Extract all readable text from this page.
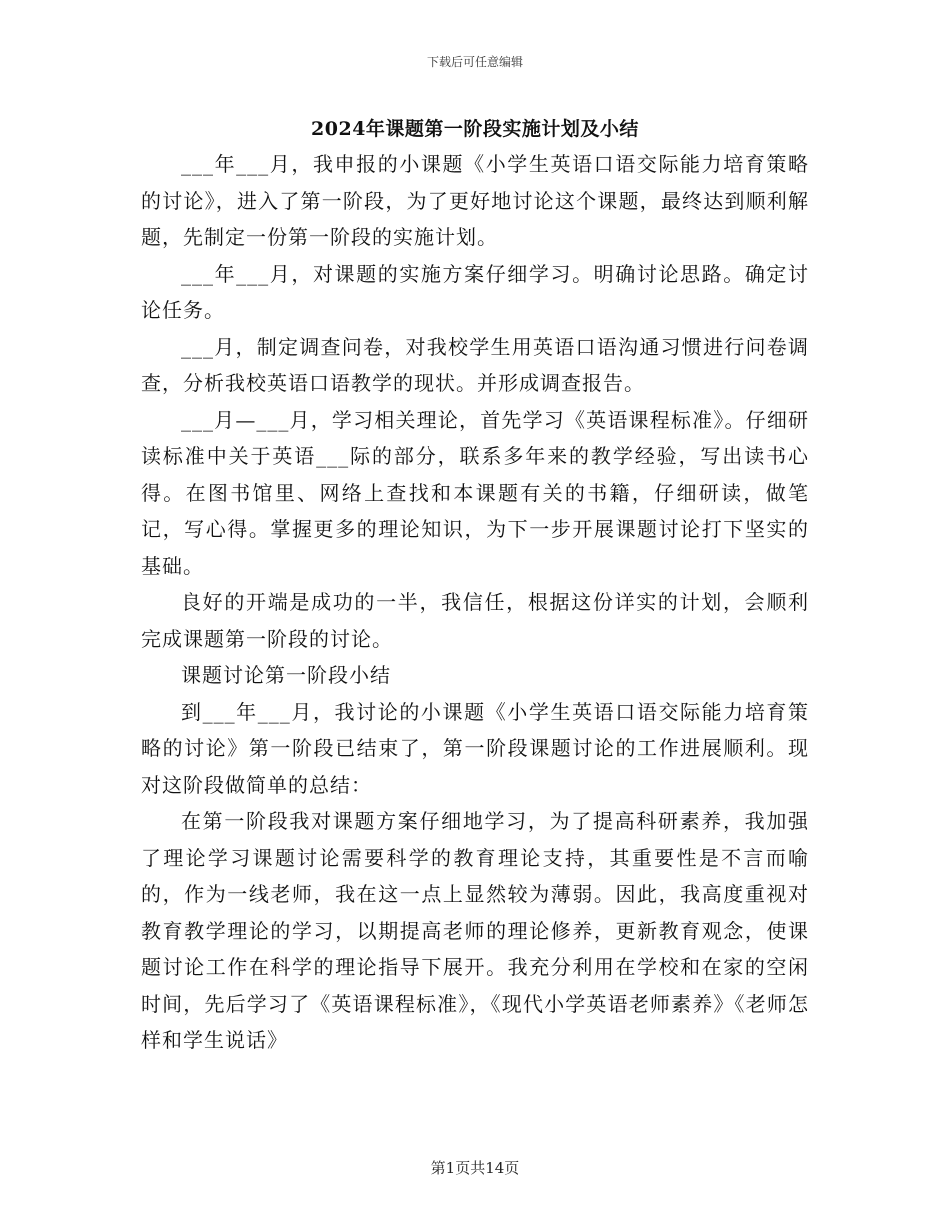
下载后可任意编辑
2024年课题第一阶段实施计划及小结

___年___月，我申报的小课题《小学生英语口语交际能力培育策略的讨论》，进入了第一阶段，为了更好地讨论这个课题，最终达到顺利解题，先制定一份第一阶段的实施计划。

___年___月，对课题的实施方案仔细学习。明确讨论思路。确定讨论任务。

___月，制定调查问卷，对我校学生用英语口语沟通习惯进行问卷调查，分析我校英语口语教学的现状。并形成调查报告。

___月—___月，学习相关理论，首先学习《英语课程标准》。仔细研读标准中关于英语___际的部分，联系多年来的教学经验，写出读书心得。在图书馆里、网络上查找和本课题有关的书籍，仔细研读，做笔记，写心得。掌握更多的理论知识，为下一步开展课题讨论打下坚实的基础。

良好的开端是成功的一半，我信任，根据这份详实的计划，会顺利完成课题第一阶段的讨论。

课题讨论第一阶段小结

到___年___月，我讨论的小课题《小学生英语口语交际能力培育策略的讨论》第一阶段已结束了，第一阶段课题讨论的工作进展顺利。现对这阶段做简单的总结：

在第一阶段我对课题方案仔细地学习，为了提高科研素养，我加强了理论学习课题讨论需要科学的教育理论支持，其重要性是不言而喻的，作为一线老师，我在这一点上显然较为薄弱。因此，我高度重视对教育教学理论的学习，以期提高老师的理论修养，更新教育观念，使课题讨论工作在科学的理论指导下展开。我充分利用在学校和在家的空闲时间，先后学习了《英语课程标准》，《现代小学英语老师素养》《老师怎样和学生说话》

第1页共14页
